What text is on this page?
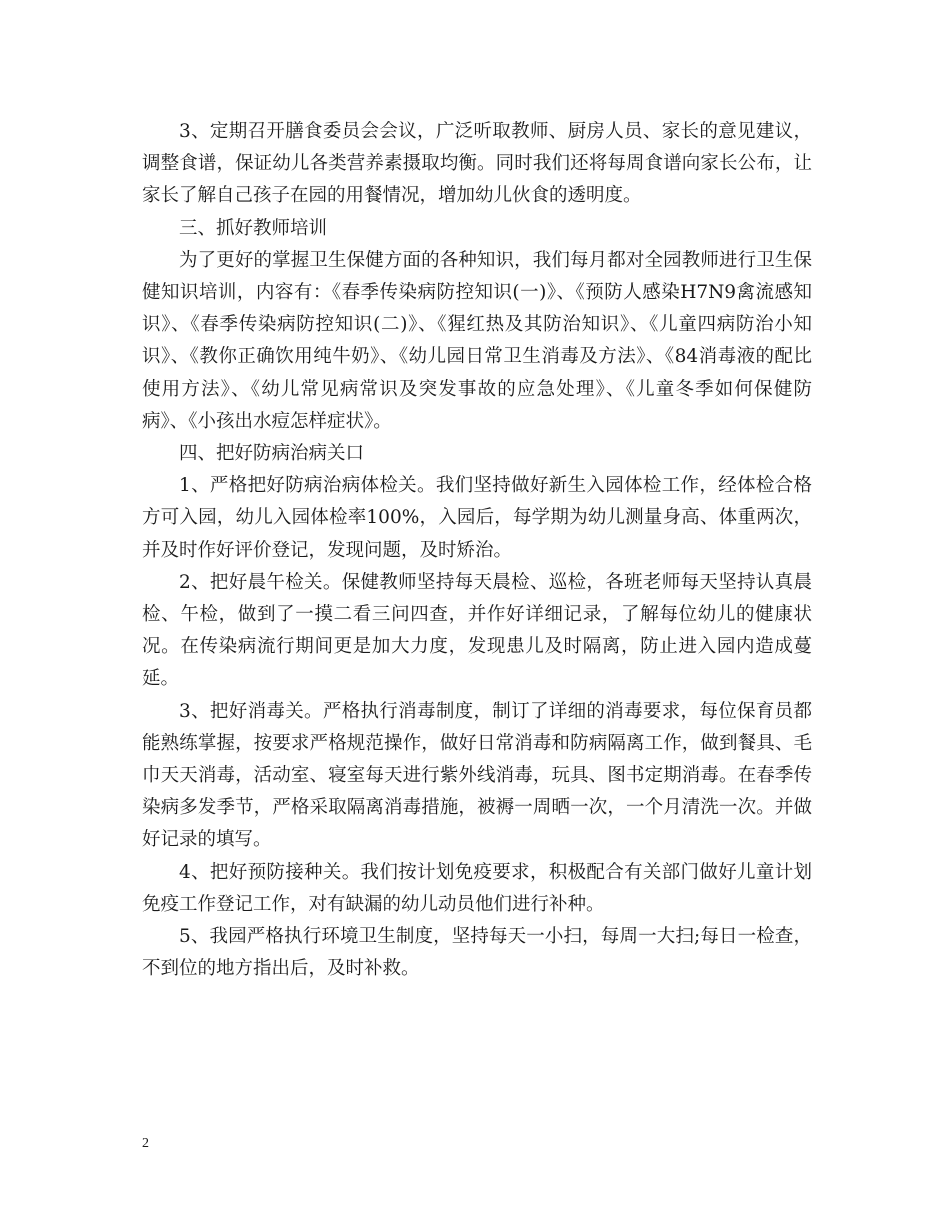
3、定期召开膳食委员会会议，广泛听取教师、厨房人员、家长的意见建议，调整食谱，保证幼儿各类营养素摄取均衡。同时我们还将每周食谱向家长公布，让家长了解自己孩子在园的用餐情况，增加幼儿伙食的透明度。

三、抓好教师培训

为了更好的掌握卫生保健方面的各种知识，我们每月都对全园教师进行卫生保健知识培训，内容有：《春季传染病防控知识(一)》、《预防人感染H7N9禽流感知识》、《春季传染病防控知识(二)》、《猩红热及其防治知识》、《儿童四病防治小知识》、《教你正确饮用纯牛奶》、《幼儿园日常卫生消毒及方法》、《84消毒液的配比使用方法》、《幼儿常见病常识及突发事故的应急处理》、《儿童冬季如何保健防病》、《小孩出水痘怎样症状》。

四、把好防病治病关口

1、严格把好防病治病体检关。我们坚持做好新生入园体检工作，经体检合格方可入园，幼儿入园体检率100%，入园后，每学期为幼儿测量身高、体重两次，并及时作好评价登记，发现问题，及时矫治。

2、把好晨午检关。保健教师坚持每天晨检、巡检，各班老师每天坚持认真晨检、午检，做到了一摸二看三问四查，并作好详细记录，了解每位幼儿的健康状况。在传染病流行期间更是加大力度，发现患儿及时隔离，防止进入园内造成蔓延。

3、把好消毒关。严格执行消毒制度，制订了详细的消毒要求，每位保育员都能熟练掌握，按要求严格规范操作，做好日常消毒和防病隔离工作，做到餐具、毛巾天天消毒，活动室、寝室每天进行紫外线消毒，玩具、图书定期消毒。在春季传染病多发季节，严格采取隔离消毒措施，被褥一周晒一次，一个月清洗一次。并做好记录的填写。

4、把好预防接种关。我们按计划免疫要求，积极配合有关部门做好儿童计划免疫工作登记工作，对有缺漏的幼儿动员他们进行补种。

5、我园严格执行环境卫生制度，坚持每天一小扫，每周一大扫;每日一检查，不到位的地方指出后，及时补救。

2
